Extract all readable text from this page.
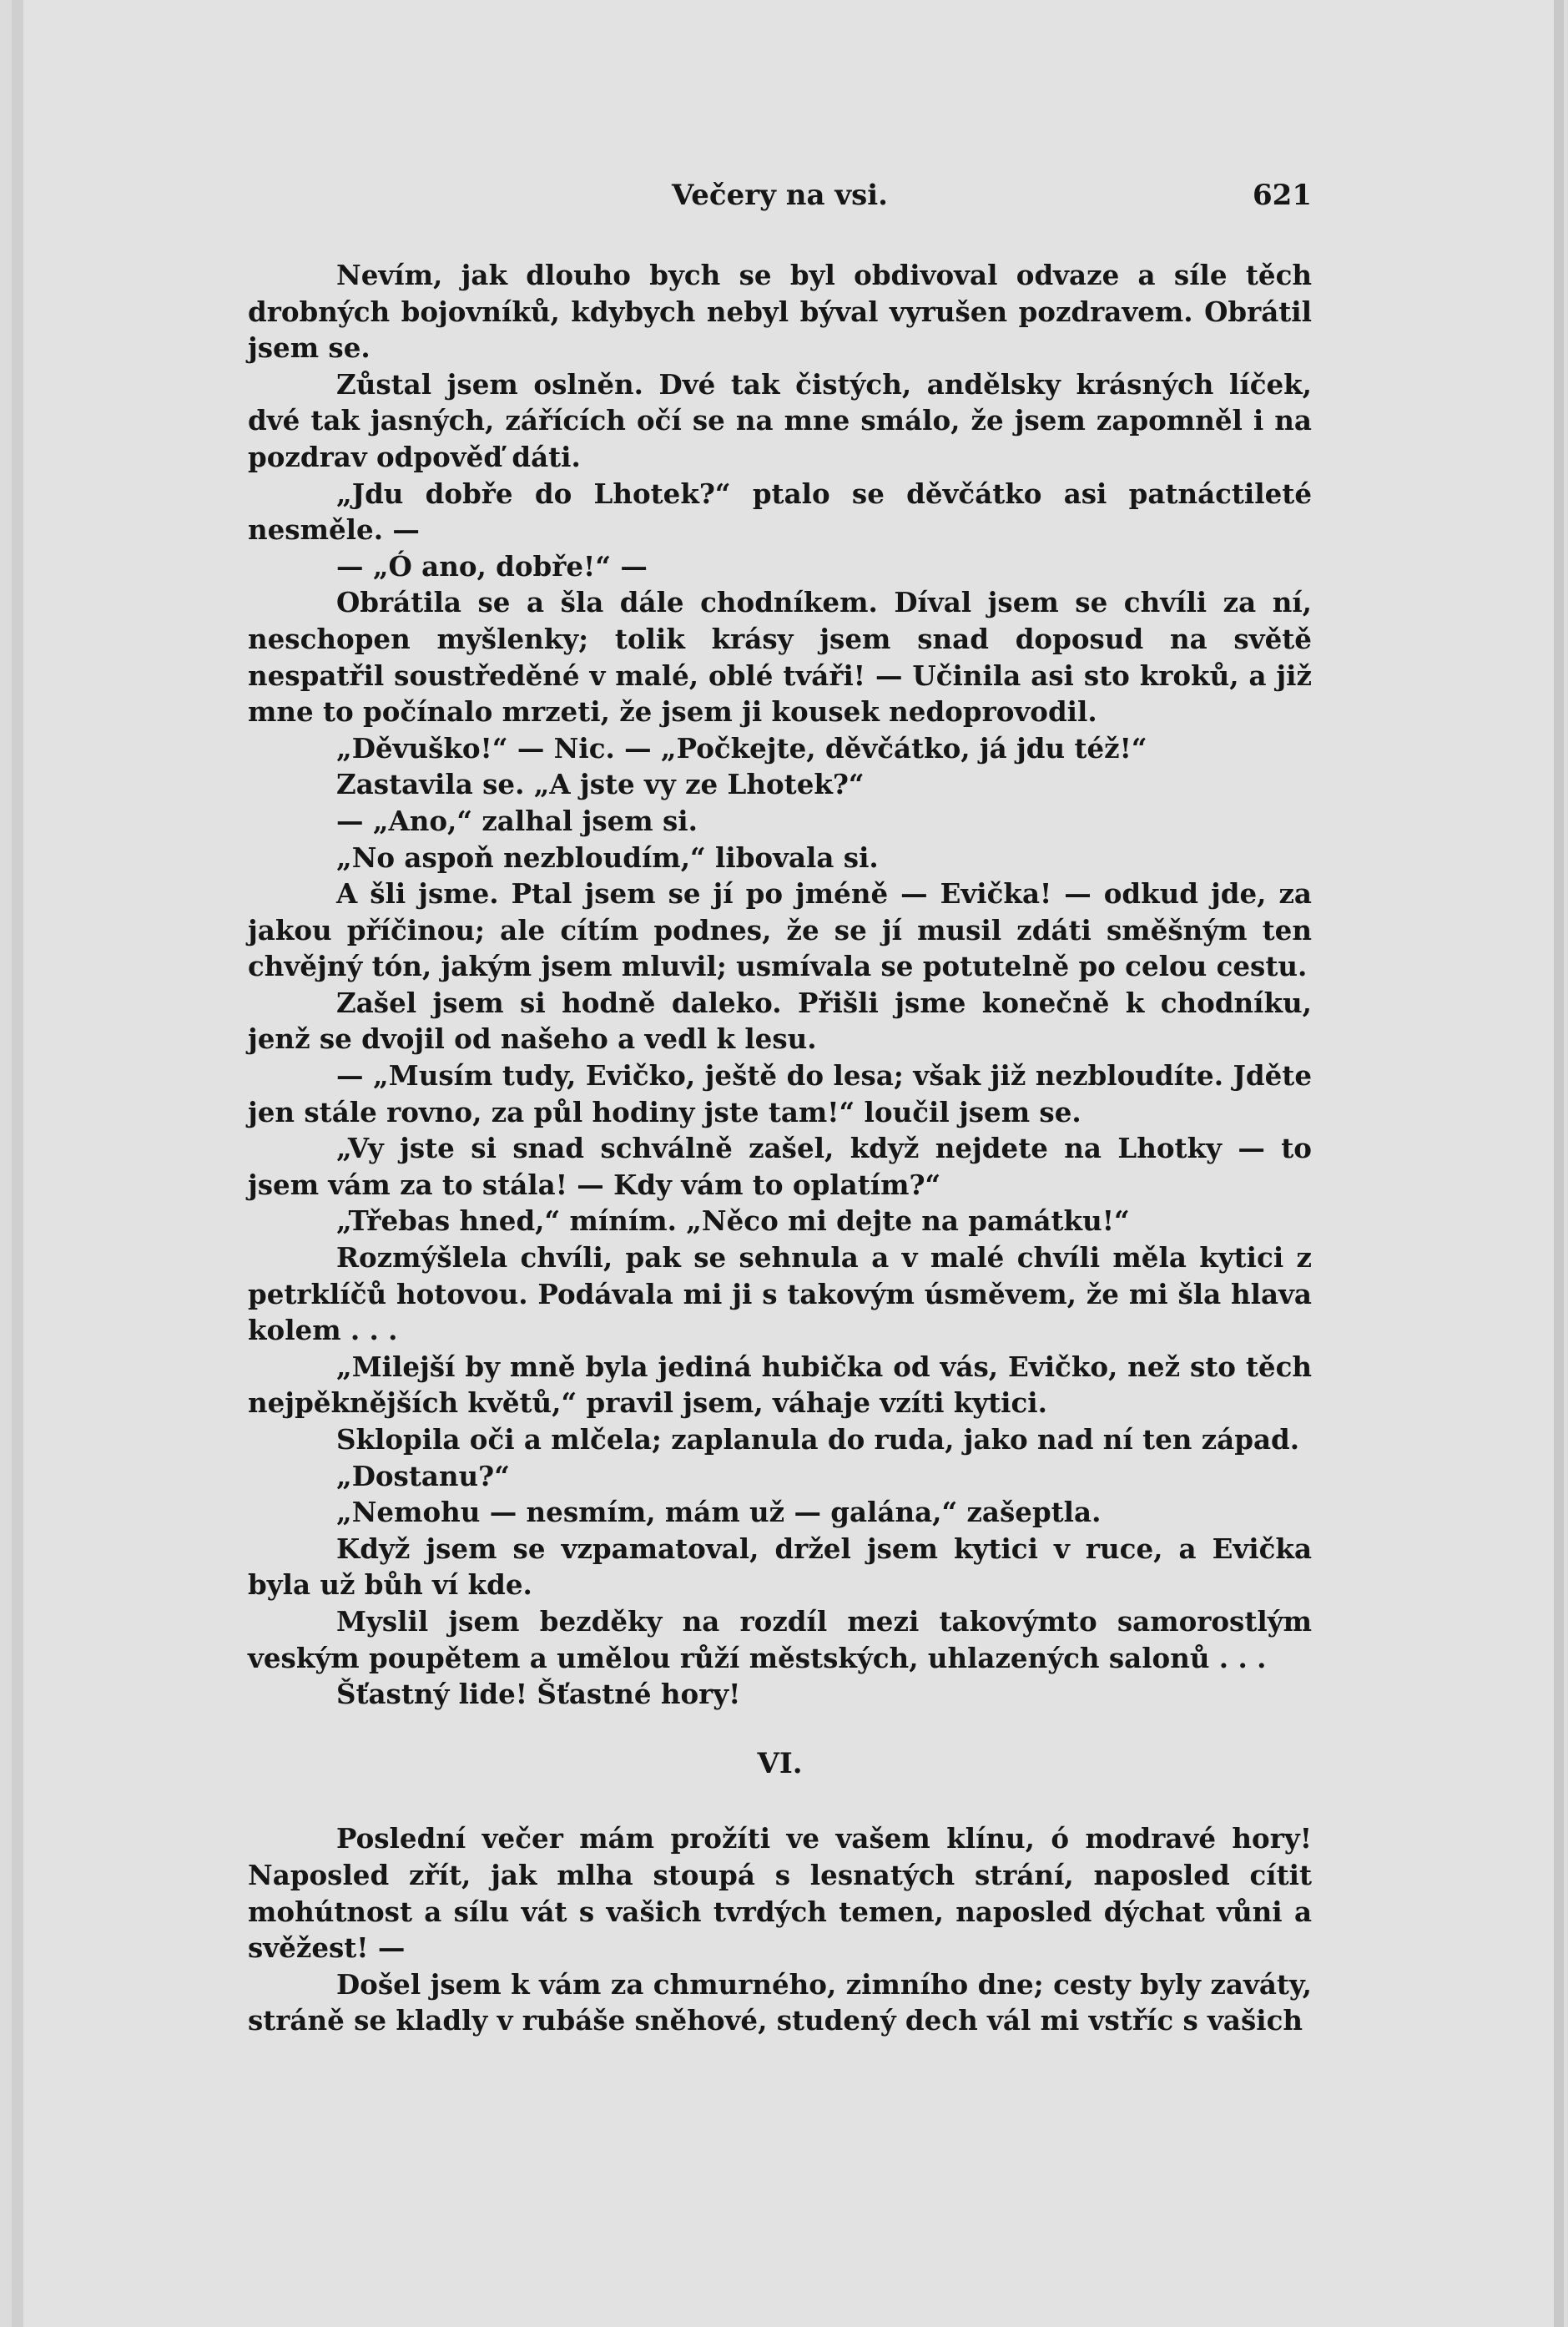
Večery na vsi.	621

Nevím, jak dlouho bych se byl obdivoval odvaze a síle těch drobných bojovníků, kdybych nebyl býval vyrušen pozdravem. Obrátil jsem se.

Zůstal jsem oslněn. Dvé tak čistých, andělsky krásných líček, dvé tak jasných, zářících očí se na mne smálo, že jsem zapomněl i na pozdrav odpověď dáti.

„Jdu dobře do Lhotek?“ ptalo se děvčátko asi patnáctileté nesměle. —

— „Ó ano, dobře!“ —

Obrátila se a šla dále chodníkem. Díval jsem se chvíli za ní, neschopen myšlenky; tolik krásy jsem snad doposud na světě nespatřil soustředěné v malé, oblé tváři! — Učinila asi sto kroků, a již mne to počínalo mrzeti, že jsem ji kousek nedoprovodil.

„Děvuško!“ — Nic. — „Počkejte, děvčátko, já jdu též!“

Zastavila se. „A jste vy ze Lhotek?“

— „Ano,“ zalhal jsem si.

„No aspoň nezbloudím,“ libovala si.

A šli jsme. Ptal jsem se jí po jméně — Evička! — odkud jde, za jakou příčinou; ale cítím podnes, že se jí musil zdáti směšným ten chvějný tón, jakým jsem mluvil; usmívala se potutelně po celou cestu.

Zašel jsem si hodně daleko. Přišli jsme konečně k chodníku, jenž se dvojil od našeho a vedl k lesu.

— „Musím tudy, Evičko, ještě do lesa; však již nezbloudíte. Jděte jen stále rovno, za půl hodiny jste tam!“ loučil jsem se.

„Vy jste si snad schválně zašel, když nejdete na Lhotky — to jsem vám za to stála! — Kdy vám to oplatím?“

„Třebas hned,“ míním. „Něco mi dejte na památku!“

Rozmýšlela chvíli, pak se sehnula a v malé chvíli měla kytici z petrklíčů hotovou. Podávala mi ji s takovým úsměvem, že mi šla hlava kolem . . .

„Milejší by mně byla jediná hubička od vás, Evičko, než sto těch nejpěknějších květů,“ pravil jsem, váhaje vzíti kytici.

Sklopila oči a mlčela; zaplanula do ruda, jako nad ní ten západ.

„Dostanu?“

„Nemohu — nesmím, mám už — galána,“ zašeptla.

Když jsem se vzpamatoval, držel jsem kytici v ruce, a Evička byla už bůh ví kde.

Myslil jsem bezděky na rozdíl mezi takovýmto samorostlým veským poupětem a umělou růží městských, uhlazených salonů . . .

Šťastný lide! Šťastné hory!

VI.

Poslední večer mám prožíti ve vašem klínu, ó modravé hory! Naposled zřít, jak mlha stoupá s lesnatých strání, naposled cítit mohútnost a sílu vát s vašich tvrdých temen, naposled dýchat vůni a svěžest! —

Došel jsem k vám za chmurného, zimního dne; cesty byly zaváty, stráně se kladly v rubáše sněhové, studený dech vál mi vstříc s vašich
